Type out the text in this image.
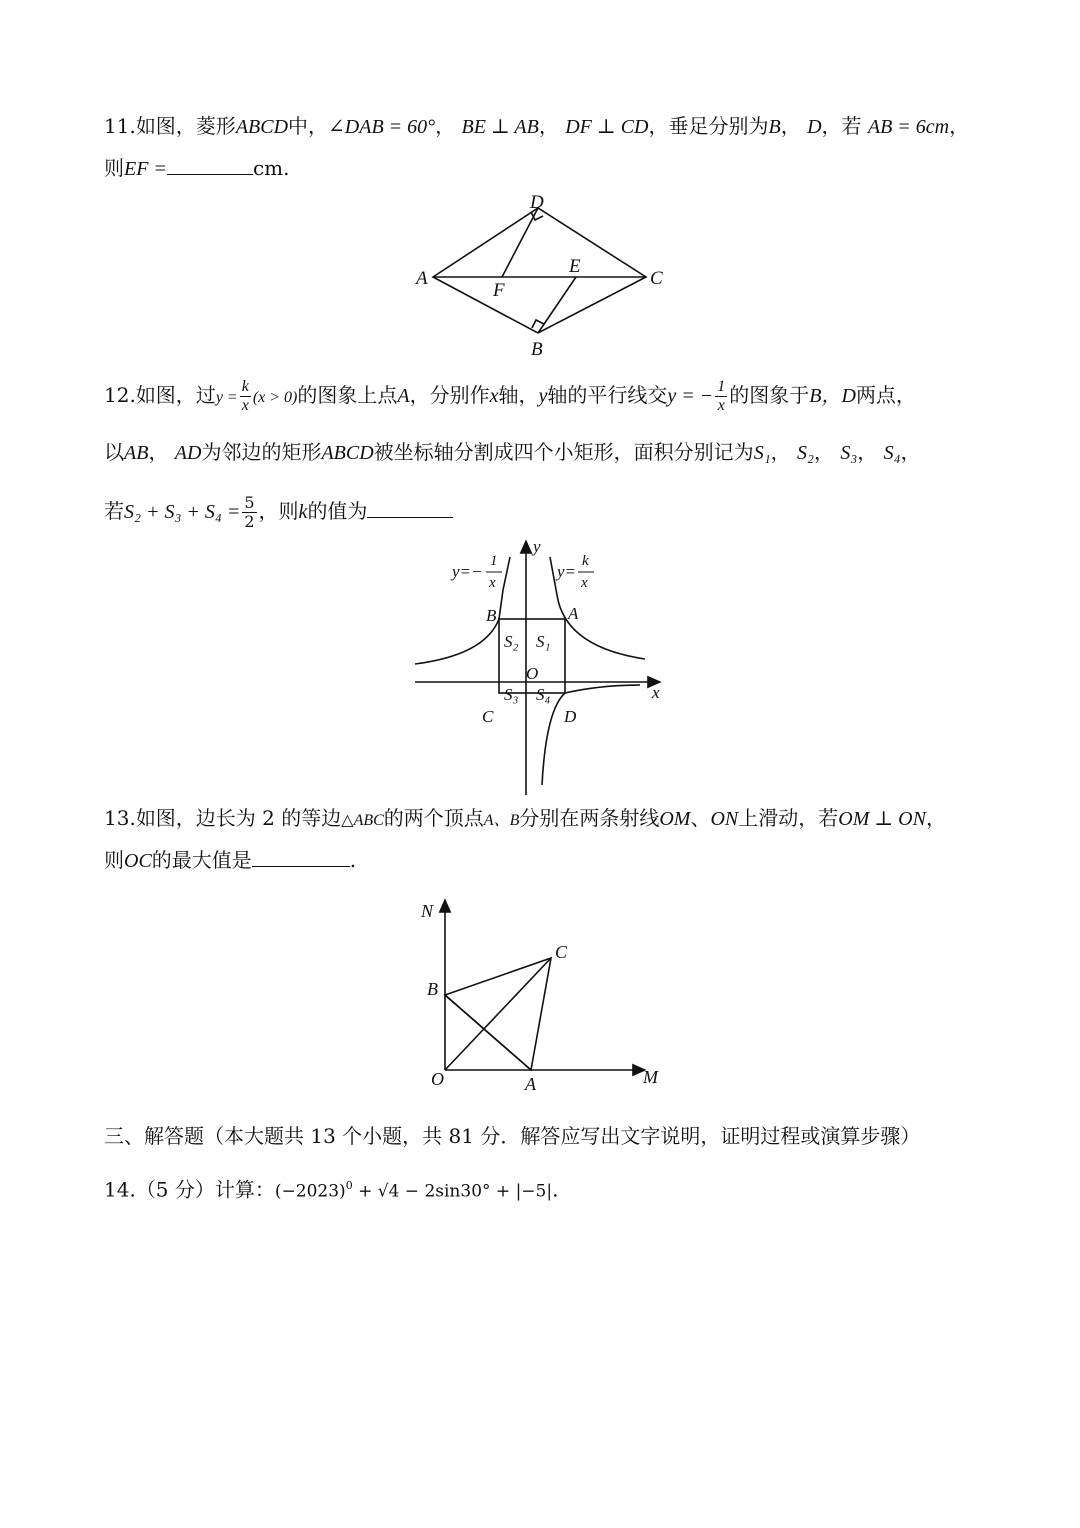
11.如图，菱形ABCD中，∠DAB = 60°， BE ⊥ AB， DF ⊥ CD，垂足分别为B， D，若 AB = 6cm，
则EF =	cm.
D
A
E
C
F
B
12.如图，过$y = \frac{k}{x} (x > 0)$的图象上点A，分别作x轴，y轴的平行线交y = − $\frac{1}{x}$ 的图象于B，D两点，
以AB， AD为邻边的矩形ABCD被坐标轴分割成四个小矩形，面积分别记为S₁， S₂， S₃， S₄，
若$S_2 + S_3 + S_4 = \frac{5}{2}$ ，则k的值为
y=−
1
x
y=
k
x
y
x
B	A
C	D
O
S₁
S₂
S₃ S₄
13.如图，边长为 2 的等边△ABC的两个顶点A、B分别在两条射线OM、ON上滑动，若OM ⊥ ON，
则OC的最大值是	.
N
C
B
O	A	M
三、解答题（本大题共 13 个小题，共 81 分．解答应写出文字说明，证明过程或演算步骤）
14.（5 分）计算：$(-2023)^0 + √4 - 2\sin 30^\circ + |-5|$.
